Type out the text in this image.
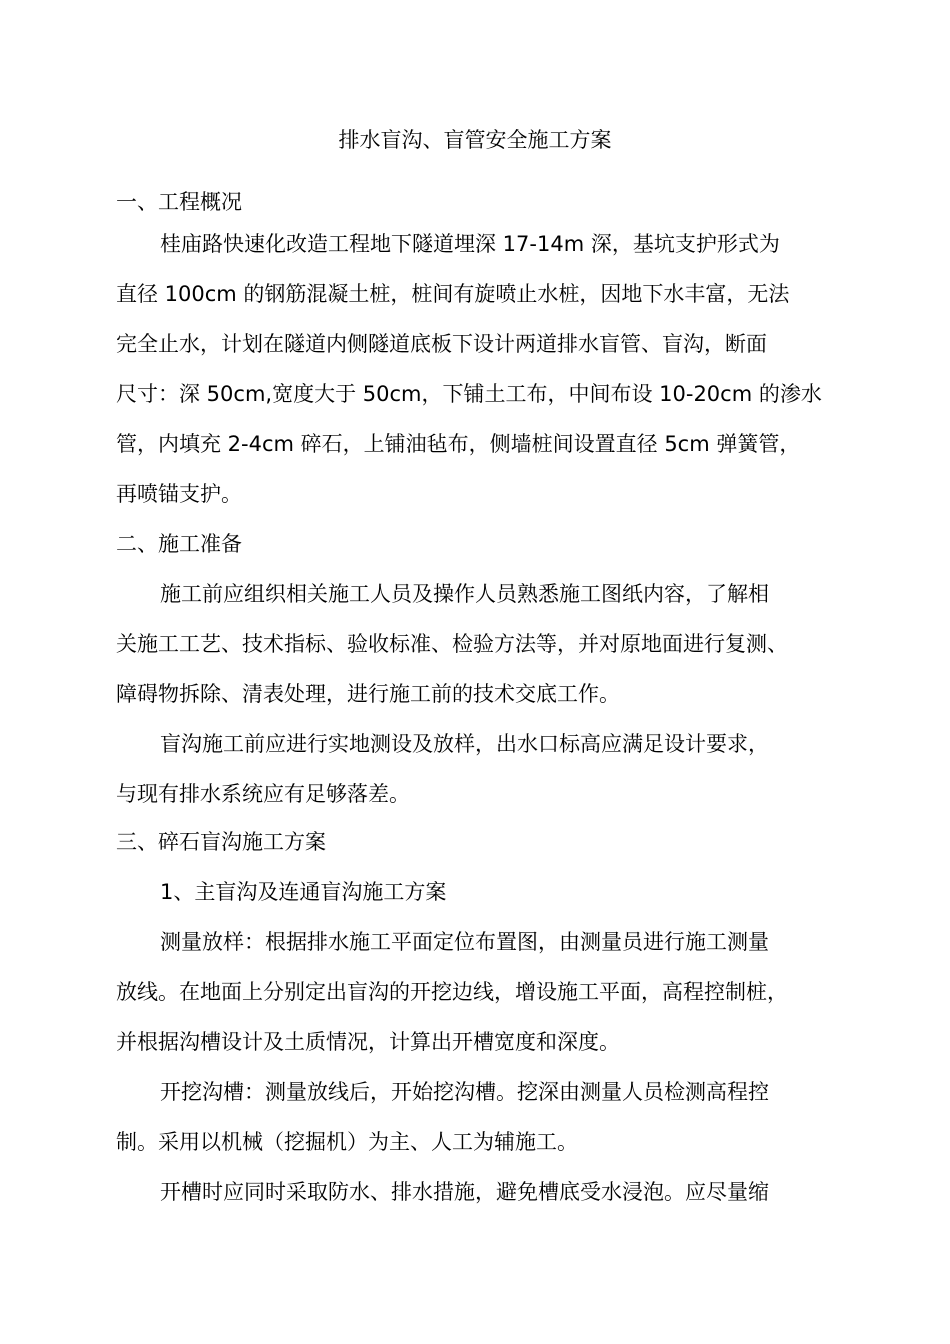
排水盲沟、盲管安全施工方案
一、工程概况
桂庙路快速化改造工程地下隧道埋深 17-14m 深，基坑支护形式为
直径 100cm 的钢筋混凝土桩，桩间有旋喷止水桩，因地下水丰富，无法
完全止水，计划在隧道内侧隧道底板下设计两道排水盲管、盲沟，断面
尺寸：深 50cm,宽度大于 50cm，下铺土工布，中间布设 10-20cm 的渗水
管，内填充 2-4cm 碎石，上铺油毡布，侧墙桩间设置直径 5cm 弹簧管，
再喷锚支护。
二、施工准备
施工前应组织相关施工人员及操作人员熟悉施工图纸内容，了解相
关施工工艺、技术指标、验收标准、检验方法等，并对原地面进行复测、
障碍物拆除、清表处理，进行施工前的技术交底工作。
盲沟施工前应进行实地测设及放样，出水口标高应满足设计要求，
与现有排水系统应有足够落差。
三、碎石盲沟施工方案
1、主盲沟及连通盲沟施工方案
测量放样：根据排水施工平面定位布置图，由测量员进行施工测量
放线。在地面上分别定出盲沟的开挖边线，增设施工平面，高程控制桩，
并根据沟槽设计及土质情况，计算出开槽宽度和深度。
开挖沟槽：测量放线后，开始挖沟槽。挖深由测量人员检测高程控
制。采用以机械（挖掘机）为主、人工为辅施工。
开槽时应同时采取防水、排水措施，避免槽底受水浸泡。应尽量缩
